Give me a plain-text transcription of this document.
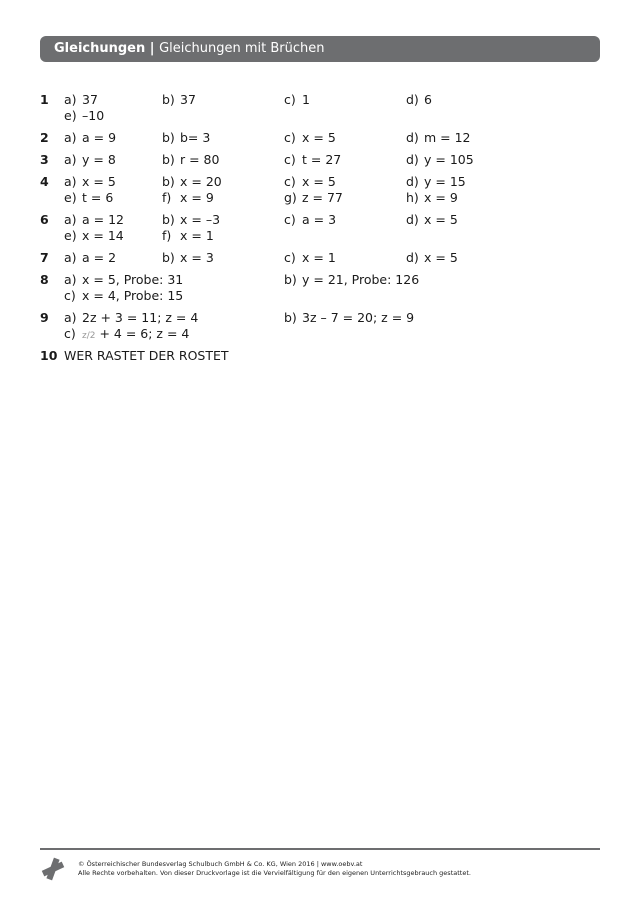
Gleichungen | Gleichungen mit Brüchen
1	a) 37	b) 37	c) 1	d) 6
e) –10
2	a) a = 9	b) b= 3	c) x = 5	d) m = 12
3	a) y = 8	b) r = 80	c) t = 27	d) y = 105
4	a) x = 5	b) x = 20	c) x = 5	d) y = 15
e) t = 6	f) x = 9	g) z = 77	h) x = 9
6	a) a = 12	b) x = –3	c) a = 3	d) x = 5
e) x = 14	f) x = 1
7	a) a = 2	b) x = 3	c) x = 1	d) x = 5
8	a) x = 5, Probe: 31	b) y = 21, Probe: 126
c) x = 4, Probe: 15
9	a) 2z + 3 = 11; z = 4	b) 3z – 7 = 20; z = 9
c) z/2 + 4 = 6; z = 4
10 WER RASTET DER ROSTET
© Österreichischer Bundesverlag Schulbuch GmbH & Co. KG, Wien 2016 | www.oebv.at
Alle Rechte vorbehalten. Von dieser Druckvorlage ist die Vervielfältigung für den eigenen Unterrichtsgebrauch gestattet.
